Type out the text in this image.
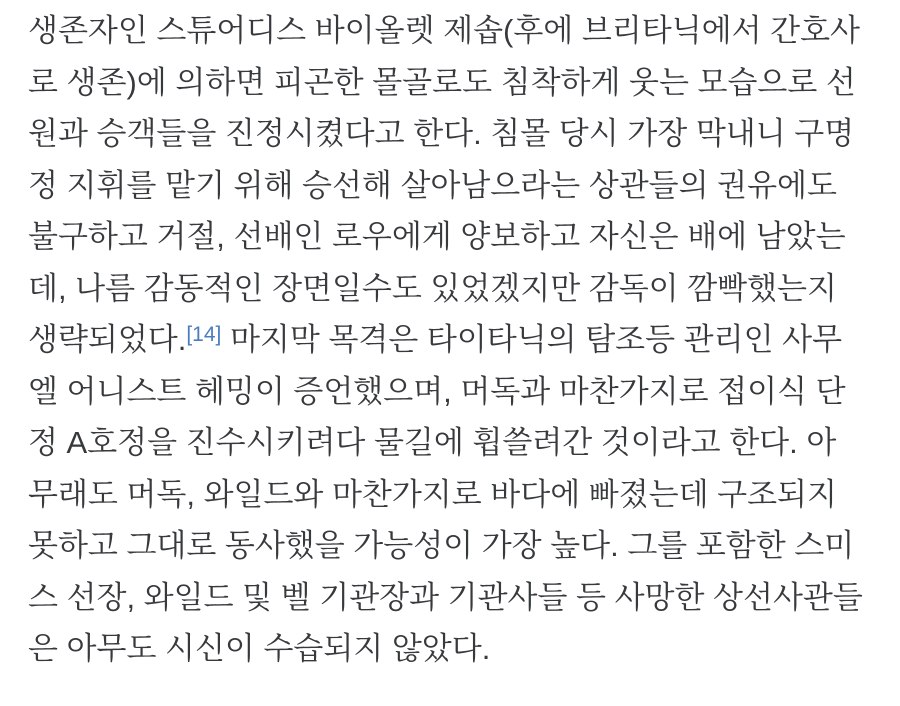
생존자인 스튜어디스 바이올렛 제솝(후에 브리타닉에서 간호사
로 생존)에 의하면 피곤한 몰골로도 침착하게 웃는 모습으로 선
원과 승객들을 진정시켰다고 한다. 침몰 당시 가장 막내니 구명
정 지휘를 맡기 위해 승선해 살아남으라는 상관들의 권유에도
불구하고 거절, 선배인 로우에게 양보하고 자신은 배에 남았는
데, 나름 감동적인 장면일수도 있었겠지만 감독이 깜빡했는지
생략되었다.[14] 마지막 목격은 타이타닉의 탐조등 관리인 사무
엘 어니스트 헤밍이 증언했으며, 머독과 마찬가지로 접이식 단
정 A호정을 진수시키려다 물길에 휩쓸려간 것이라고 한다. 아
무래도 머독, 와일드와 마찬가지로 바다에 빠졌는데 구조되지
못하고 그대로 동사했을 가능성이 가장 높다. 그를 포함한 스미
스 선장, 와일드 및 벨 기관장과 기관사들 등 사망한 상선사관들
은 아무도 시신이 수습되지 않았다.
